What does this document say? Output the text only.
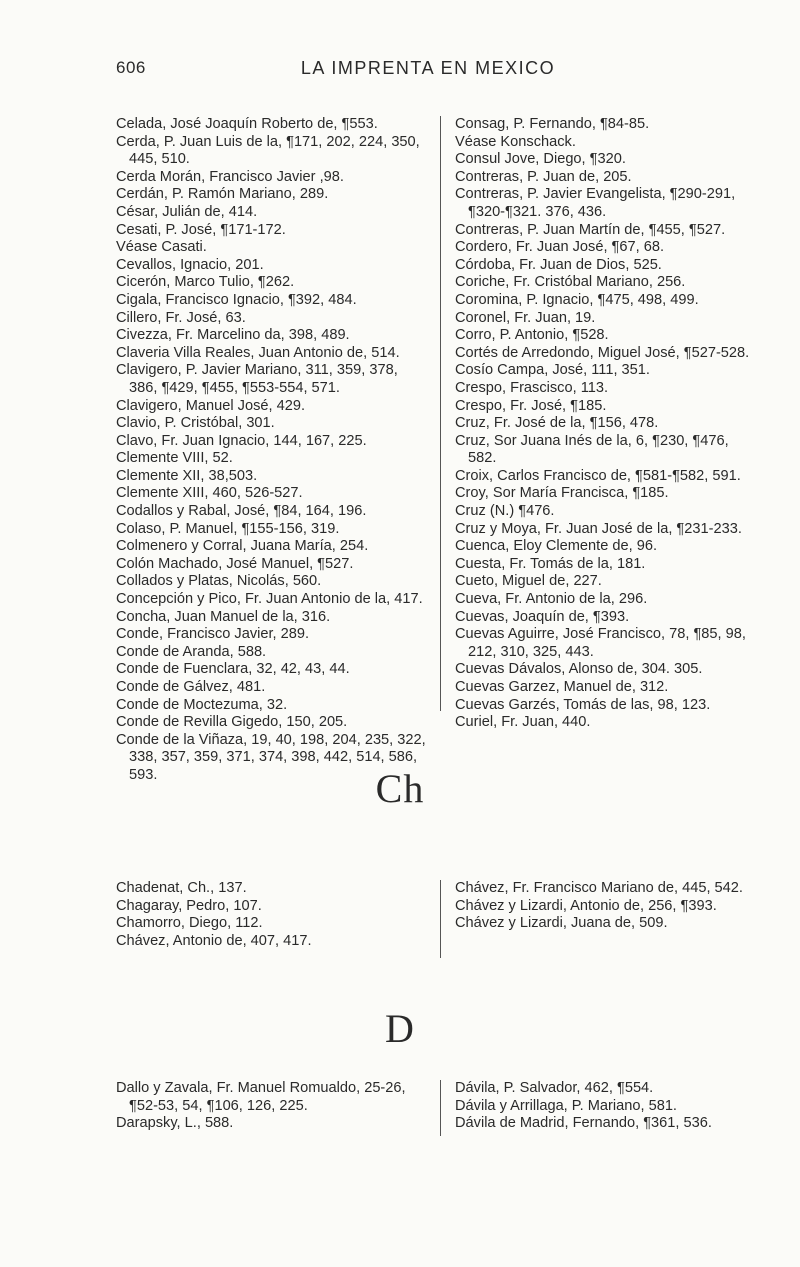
606	LA IMPRENTA EN MEXICO
Celada, José Joaquín Roberto de, ¶553.
Cerda, P. Juan Luis de la, ¶171, 202, 224, 350, 445, 510.
Cerda Morán, Francisco Javier ,98.
Cerdán, P. Ramón Mariano, 289.
César, Julián de, 414.
Cesati, P. José, ¶171-172.
Véase Casati.
Cevallos, Ignacio, 201.
Cicerón, Marco Tulio, ¶262.
Cigala, Francisco Ignacio, ¶392, 484.
Cillero, Fr. José, 63.
Civezza, Fr. Marcelino da, 398, 489.
Claveria Villa Reales, Juan Antonio de, 514.
Clavigero, P. Javier Mariano, 311, 359, 378, 386, ¶429, ¶455, ¶553-554, 571.
Clavigero, Manuel José, 429.
Clavio, P. Cristóbal, 301.
Clavo, Fr. Juan Ignacio, 144, 167, 225.
Clemente VIII, 52.
Clemente XII, 38,503.
Clemente XIII, 460, 526-527.
Codallos y Rabal, José, ¶84, 164, 196.
Colaso, P. Manuel, ¶155-156, 319.
Colmenero y Corral, Juana María, 254.
Colón Machado, José Manuel, ¶527.
Collados y Platas, Nicolás, 560.
Concepción y Pico, Fr. Juan Antonio de la, 417.
Concha, Juan Manuel de la, 316.
Conde, Francisco Javier, 289.
Conde de Aranda, 588.
Conde de Fuenclara, 32, 42, 43, 44.
Conde de Gálvez, 481.
Conde de Moctezuma, 32.
Conde de Revilla Gigedo, 150, 205.
Conde de la Viñaza, 19, 40, 198, 204, 235, 322, 338, 357, 359, 371, 374, 398, 442, 514, 586, 593.
Consag, P. Fernando, ¶84-85.
Véase Konschack.
Consul Jove, Diego, ¶320.
Contreras, P. Juan de, 205.
Contreras, P. Javier Evangelista, ¶290-291, ¶320-¶321. 376, 436.
Contreras, P. Juan Martín de, ¶455, ¶527.
Cordero, Fr. Juan José, ¶67, 68.
Córdoba, Fr. Juan de Dios, 525.
Coriche, Fr. Cristóbal Mariano, 256.
Coromina, P. Ignacio, ¶475, 498, 499.
Coronel, Fr. Juan, 19.
Corro, P. Antonio, ¶528.
Cortés de Arredondo, Miguel José, ¶527-528.
Cosío Campa, José, 111, 351.
Crespo, Frascisco, 113.
Crespo, Fr. José, ¶185.
Cruz, Fr. José de la, ¶156, 478.
Cruz, Sor Juana Inés de la, 6, ¶230, ¶476, 582.
Croix, Carlos Francisco de, ¶581-¶582, 591.
Croy, Sor María Francisca, ¶185.
Cruz (N.) ¶476.
Cruz y Moya, Fr. Juan José de la, ¶231-233.
Cuenca, Eloy Clemente de, 96.
Cuesta, Fr. Tomás de la, 181.
Cueto, Miguel de, 227.
Cueva, Fr. Antonio de la, 296.
Cuevas, Joaquín de, ¶393.
Cuevas Aguirre, José Francisco, 78, ¶85, 98, 212, 310, 325, 443.
Cuevas Dávalos, Alonso de, 304. 305.
Cuevas Garzez, Manuel de, 312.
Cuevas Garzés, Tomás de las, 98, 123.
Curiel, Fr. Juan, 440.
Ch
Chadenat, Ch., 137.
Chagaray, Pedro, 107.
Chamorro, Diego, 112.
Chávez, Antonio de, 407, 417.
Chávez, Fr. Francisco Mariano de, 445, 542.
Chávez y Lizardi, Antonio de, 256, ¶393.
Chávez y Lizardi, Juana de, 509.
D
Dallo y Zavala, Fr. Manuel Romualdo, 25-26, ¶52-53, 54, ¶106, 126, 225.
Darapsky, L., 588.
Dávila, P. Salvador, 462, ¶554.
Dávila y Arrillaga, P. Mariano, 581.
Dávila de Madrid, Fernando, ¶361, 536.
